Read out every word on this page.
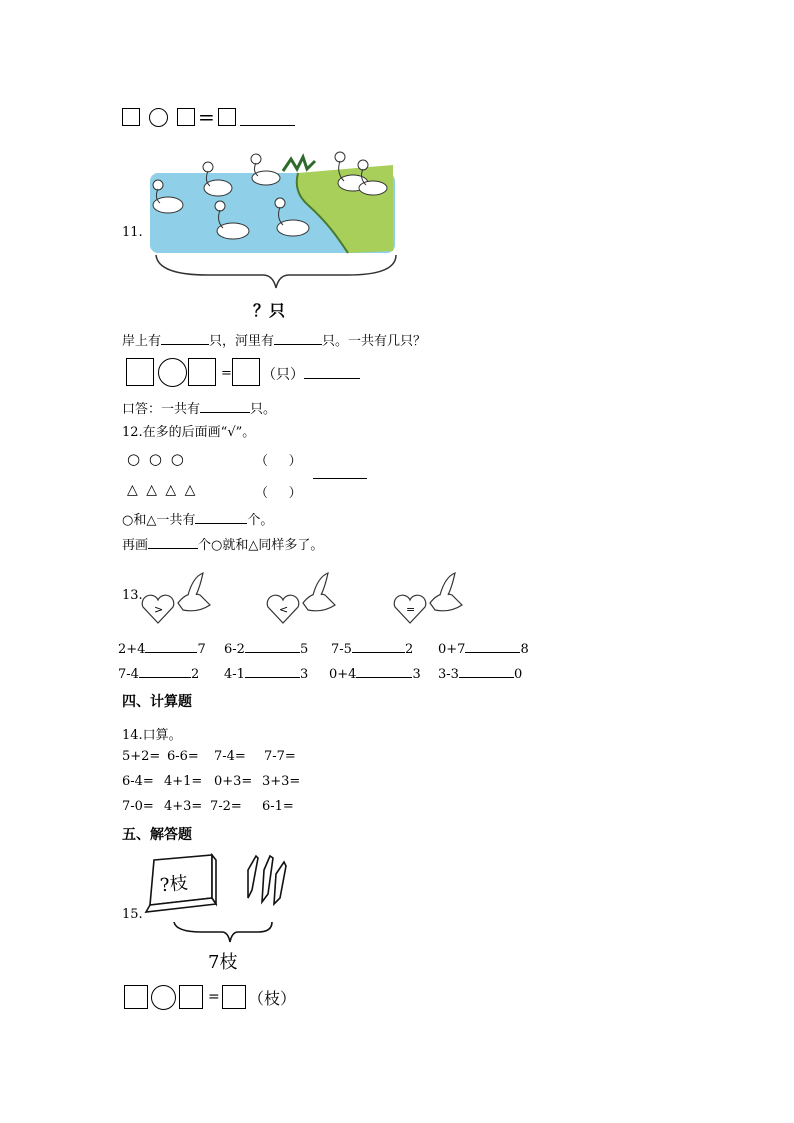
=
11.
？只
岸上有	只，河里有	只。一共有几只？
= （只）
口答：一共有	只。
12.在多的后面画“√”。
○ ○ ○	（     ）
△ △ △ △	（     ）
○和△一共有	个。
再画	个○就和△同样多了。
13.
>	<	=
2+4	7 6-2	5 7-5	2 0+7	8
7-4	2 4-1	3 0+4	3 3-3	0
四、计算题
14.口算。
5+2= 6-6= 7-4= 7-7=
6-4= 4+1= 0+3= 3+3=
7-0= 4+3= 7-2= 6-1=
五、解答题
15.
?枝
7枝
= （枝）
